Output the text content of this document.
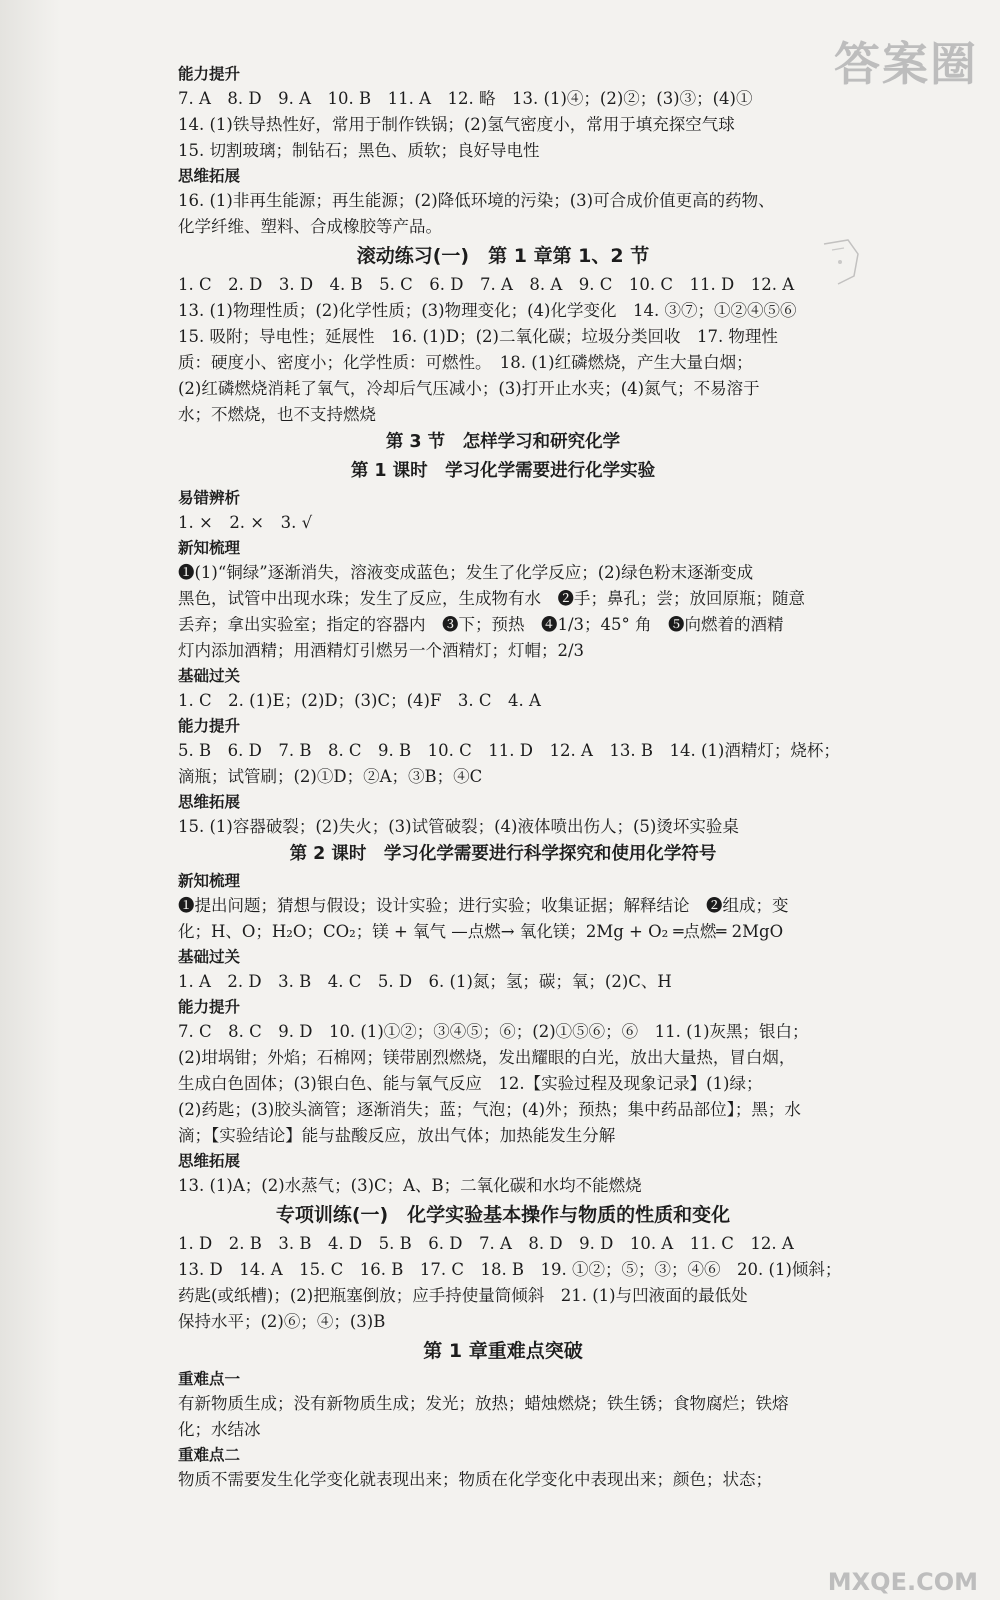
能力提升
7. A　8. D　9. A　10. B　11. A　12. 略　13. (1)④；(2)②；(3)③；(4)①
14. (1)铁导热性好，常用于制作铁锅；(2)氢气密度小，常用于填充探空气球
15. 切割玻璃；制钻石；黑色、质软；良好导电性
思维拓展
16. (1)非再生能源；再生能源；(2)降低环境的污染；(3)可合成价值更高的药物、
化学纤维、塑料、合成橡胶等产品。
滚动练习(一)　第 1 章第 1、2 节
1. C　2. D　3. D　4. B　5. C　6. D　7. A　8. A　9. C　10. C　11. D　12. A
13. (1)物理性质；(2)化学性质；(3)物理变化；(4)化学变化　14. ③⑦；①②④⑤⑥
15. 吸附；导电性；延展性　16. (1)D；(2)二氧化碳；垃圾分类回收　17. 物理性
质：硬度小、密度小；化学性质：可燃性。　18. (1)红磷燃烧，产生大量白烟；
(2)红磷燃烧消耗了氧气，冷却后气压减小；(3)打开止水夹；(4)氮气；不易溶于
水；不燃烧，也不支持燃烧
第 3 节　怎样学习和研究化学
第 1 课时　学习化学需要进行化学实验
易错辨析
1. ×　2. ×　3. √
新知梳理
❶(1)“铜绿”逐渐消失，溶液变成蓝色；发生了化学反应；(2)绿色粉末逐渐变成
黑色，试管中出现水珠；发生了反应，生成物有水　❷手；鼻孔；尝；放回原瓶；随意
丢弃；拿出实验室；指定的容器内　❸下；预热　❹1/3；45° 角　❺向燃着的酒精
灯内添加酒精；用酒精灯引燃另一个酒精灯；灯帽；2/3
基础过关
1. C　2. (1)E；(2)D；(3)C；(4)F　3. C　4. A
能力提升
5. B　6. D　7. B　8. C　9. B　10. C　11. D　12. A　13. B　14. (1)酒精灯；烧杯；
滴瓶；试管刷；(2)①D；②A；③B；④C
思维拓展
15. (1)容器破裂；(2)失火；(3)试管破裂；(4)液体喷出伤人；(5)烫坏实验桌
第 2 课时　学习化学需要进行科学探究和使用化学符号
新知梳理
❶提出问题；猜想与假设；设计实验；进行实验；收集证据；解释结论　❷组成；变
化；H、O；H₂O；CO₂；镁 + 氧气 —点燃→ 氧化镁；2Mg + O₂ ═点燃═ 2MgO
基础过关
1. A　2. D　3. B　4. C　5. D　6. (1)氮；氢；碳；氧；(2)C、H
能力提升
7. C　8. C　9. D　10. (1)①②；③④⑤；⑥；(2)①⑤⑥；⑥　11. (1)灰黑；银白；
(2)坩埚钳；外焰；石棉网；镁带剧烈燃烧，发出耀眼的白光，放出大量热，冒白烟，
生成白色固体；(3)银白色、能与氧气反应　12.【实验过程及现象记录】(1)绿；
(2)药匙；(3)胶头滴管；逐渐消失；蓝；气泡；(4)外；预热；集中药品部位】；黑；水
滴；【实验结论】能与盐酸反应，放出气体；加热能发生分解
思维拓展
13. (1)A；(2)水蒸气；(3)C；A、B；二氧化碳和水均不能燃烧
专项训练(一)　化学实验基本操作与物质的性质和变化
1. D　2. B　3. B　4. D　5. B　6. D　7. A　8. D　9. D　10. A　11. C　12. A
13. D　14. A　15. C　16. B　17. C　18. B　19. ①②；⑤；③；④⑥　20. (1)倾斜；
药匙(或纸槽)；(2)把瓶塞倒放；应手持使量筒倾斜　21. (1)与凹液面的最低处
保持水平；(2)⑥；④；(3)B
第 1 章重难点突破
重难点一
有新物质生成；没有新物质生成；发光；放热；蜡烛燃烧；铁生锈；食物腐烂；铁熔
化；水结冰
重难点二
物质不需要发生化学变化就表现出来；物质在化学变化中表现出来；颜色；状态；
答案圈
MXQE.COM
